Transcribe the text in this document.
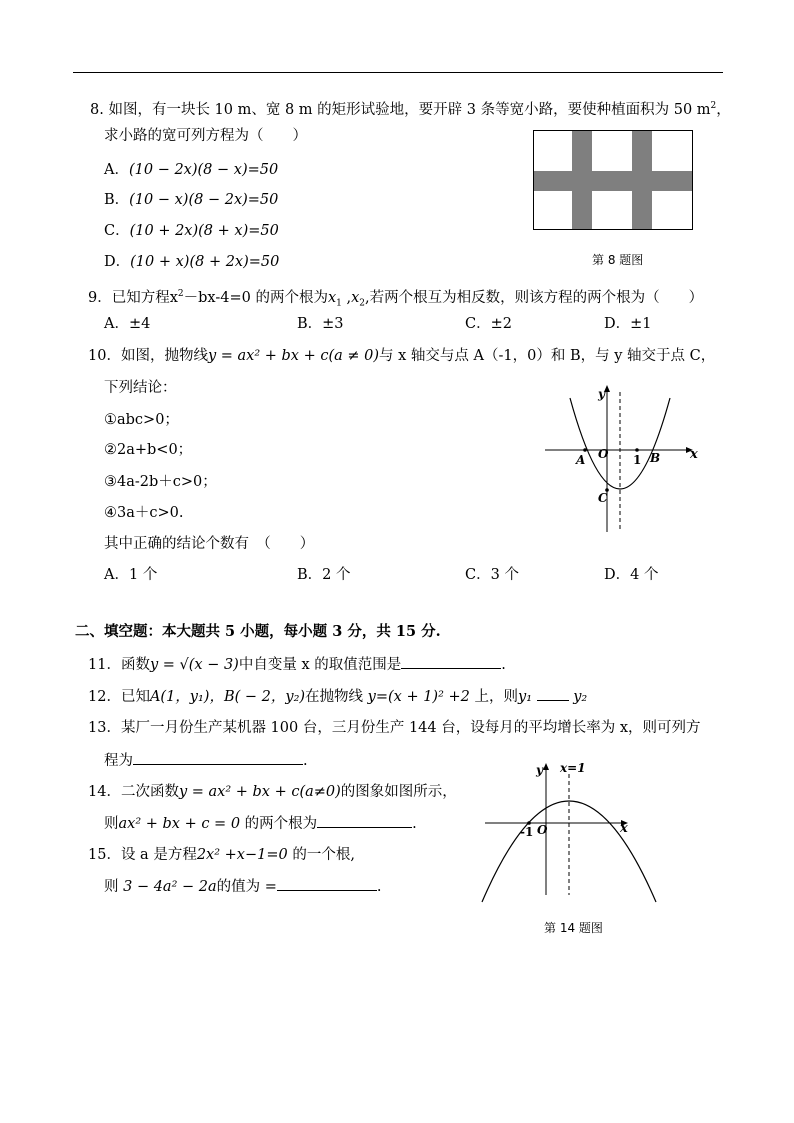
8. 如图，有一块长 10 m、宽 8 m 的矩形试验地，要开辟 3 条等宽小路，要使种植面积为 50 $m^2$，
求小路的宽可列方程为（　　）
A．(10 − 2x)(8 − x)=50
B．(10 − x)(8 − 2x)=50
C．(10 + 2x)(8 + x)=50
D．(10 + x)(8 + 2x)=50	第 8 题图
9．已知方程$x^2-bx-4=0$ 的两个根为$x_1$ $,x_2$,若两个根互为相反数，则该方程的两个根为（　　）
A．±4	B．±3	C．±2	D．±1
10．如图，抛物线y = ax² + bx + c(a ≠ 0)与 x 轴交与点 A（-1，0）和 B，与 y 轴交于点 C，
下列结论：
①abc>0；
②2a+b<0；
③4a-2b＋c>0；
④3a＋c>0.
其中正确的结论个数有　（　　）
A．1 个	B．2 个	C．3 个	D．4 个
y
x
A O 1 B
C
二、填空题：本大题共 5 小题，每小题 3 分，共 15 分.
11．函数y = √(x − 3)中自变量 x 的取值范围是	.
12．已知A(1，y₁)，B( − 2，y₂)在抛物线 y=(x + 1)² +2 上，则y₁	y₂
13．某厂一月份生产某机器 100 台，三月份生产 144 台，设每月的平均增长率为 x，则可列方
程为	.
14．二次函数y = ax² + bx + c(a≠0)的图象如图所示，
则ax² + bx + c = 0 的两个根为	.
15．设 a 是方程2x² +x−1=0 的一个根,
则 3 − 4a² − 2a的值为 =	.
y x=1
-1 O	x
第 14 题图
